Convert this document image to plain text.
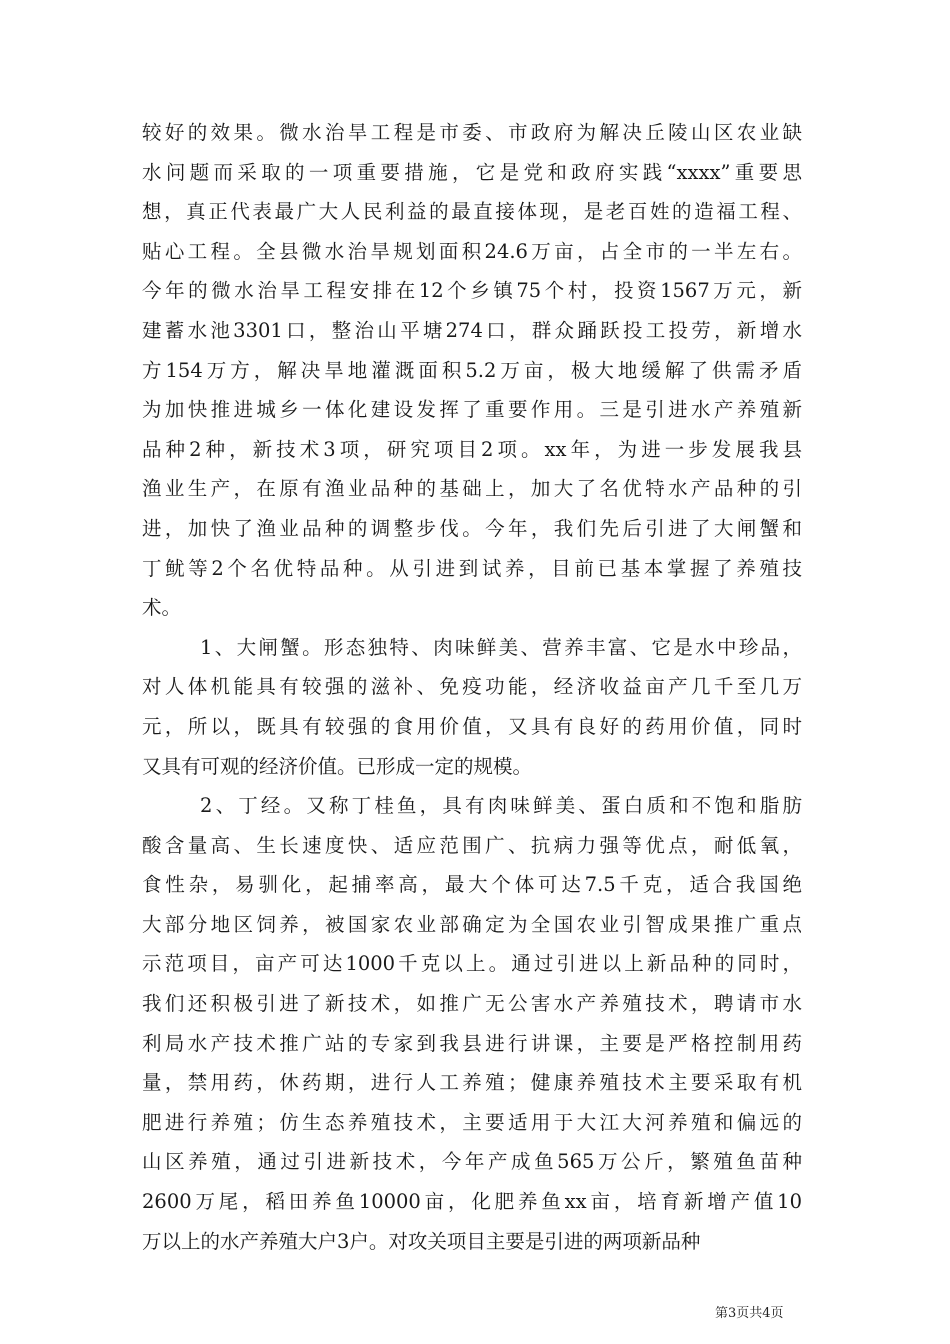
较好的效果。微水治旱工程是市委、市政府为解决丘陵山区农业缺
水问题而采取的一项重要措施，它是党和政府实践“xxxx”重要思
想，真正代表最广大人民利益的最直接体现，是老百姓的造福工程、
贴心工程。全县微水治旱规划面积24.6万亩，占全市的一半左右。
今年的微水治旱工程安排在12个乡镇75个村，投资1567万元，新
建蓄水池3301口，整治山平塘274口，群众踊跃投工投劳，新增水
方154万方，解决旱地灌溉面积5.2万亩，极大地缓解了供需矛盾
为加快推进城乡一体化建设发挥了重要作用。三是引进水产养殖新
品种2种，新技术3项，研究项目2项。xx年，为进一步发展我县
渔业生产，在原有渔业品种的基础上，加大了名优特水产品种的引
进，加快了渔业品种的调整步伐。今年，我们先后引进了大闸蟹和
丁鱿等2个名优特品种。从引进到试养，目前已基本掌握了养殖技
术。
1、大闸蟹。形态独特、肉味鲜美、营养丰富、它是水中珍品，
对人体机能具有较强的滋补、免疫功能，经济收益亩产几千至几万
元，所以，既具有较强的食用价值，又具有良好的药用价值，同时
又具有可观的经济价值。已形成一定的规模。
2、丁经。又称丁桂鱼，具有肉味鲜美、蛋白质和不饱和脂肪
酸含量高、生长速度快、适应范围广、抗病力强等优点，耐低氧，
食性杂，易驯化，起捕率高，最大个体可达7.5千克，适合我国绝
大部分地区饲养，被国家农业部确定为全国农业引智成果推广重点
示范项目，亩产可达1000千克以上。通过引进以上新品种的同时，
我们还积极引进了新技术，如推广无公害水产养殖技术，聘请市水
利局水产技术推广站的专家到我县进行讲课，主要是严格控制用药
量，禁用药，休药期，进行人工养殖；健康养殖技术主要采取有机
肥进行养殖；仿生态养殖技术，主要适用于大江大河养殖和偏远的
山区养殖，通过引进新技术，今年产成鱼565万公斤，繁殖鱼苗种
2600万尾，稻田养鱼10000亩，化肥养鱼xx亩，培育新增产值10
万以上的水产养殖大户3户。对攻关项目主要是引进的两项新品种
第3页共4页
